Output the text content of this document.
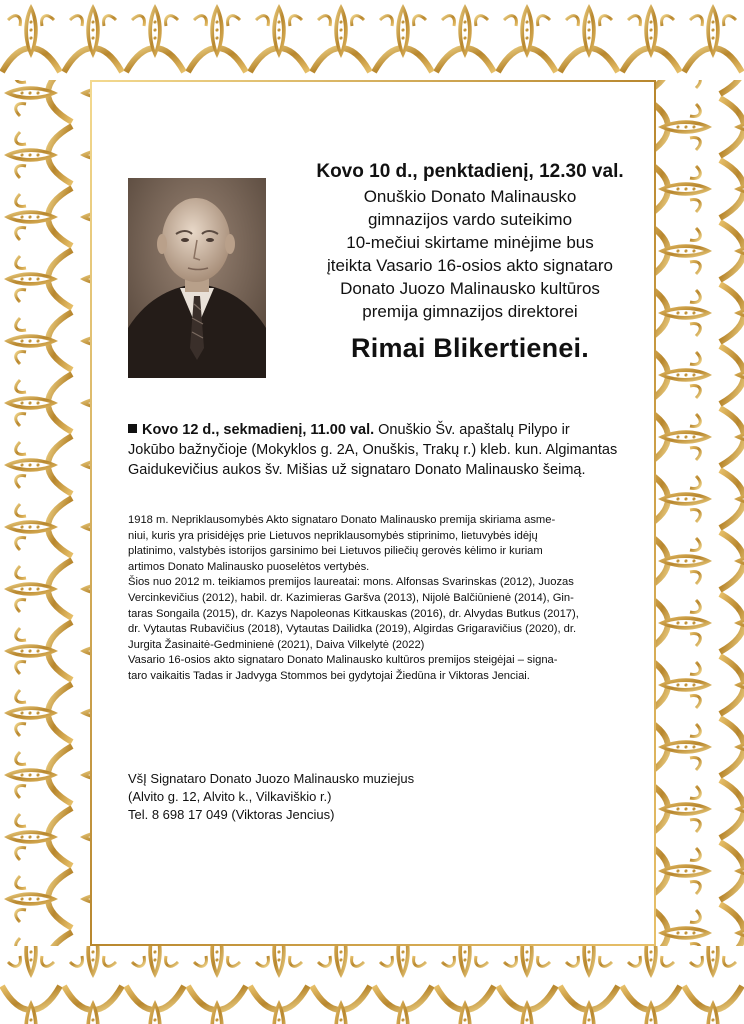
Kovo 10 d., penktadienį, 12.30 val.
Onuškio Donato Malinausko
gimnazijos vardo suteikimo
10-mečiui skirtame minėjime bus
įteikta Vasario 16-osios akto signataro
Donato Juozo Malinausko kultūros
premija gimnazijos direktorei
Rimai Blikertienei.
Kovo 12 d., sekmadienį, 11.00 val. Onuškio Šv. apaštalų Pilypo ir
Jokūbo bažnyčioje (Mokyklos g. 2A, Onuškis, Trakų r.) kleb. kun. Algimantas
Gaidukevičius aukos šv. Mišias už signataro Donato Malinausko šeimą.

1918 m. Nepriklausomybės Akto signataro Donato Malinausko premija skiriama asme-

niui, kuris yra prisidėjęs prie Lietuvos nepriklausomybės stiprinimo, lietuvybės idėjų

platinimo, valstybės istorijos garsinimo bei Lietuvos piliečių gerovės kėlimo ir kuriam

artimos Donato Malinausko puoselėtos vertybės.

Šios nuo 2012 m. teikiamos premijos laureatai: mons. Alfonsas Svarinskas (2012), Juozas

Vercinkevičius (2012), habil. dr. Kazimieras Garšva (2013), Nijolė Balčiūnienė (2014), Gin-

taras Songaila (2015), dr. Kazys Napoleonas Kitkauskas (2016), dr. Alvydas Butkus (2017),

dr. Vytautas Rubavičius (2018), Vytautas Dailidka (2019), Algirdas Grigaravičius (2020), dr.

Jurgita Žasinaitė-Gedminienė (2021), Daiva Vilkelytė (2022)

Vasario 16-osios akto signataro Donato Malinausko kultūros premijos steigėjai – signa-

taro vaikaitis Tadas ir Jadvyga Stommos bei gydytojai Žiedūna ir Viktoras Jenciai.

VšĮ Signataro Donato Juozo Malinausko muziejus

(Alvito g. 12, Alvito k., Vilkaviškio r.)

Tel. 8 698 17 049 (Viktoras Jencius)
